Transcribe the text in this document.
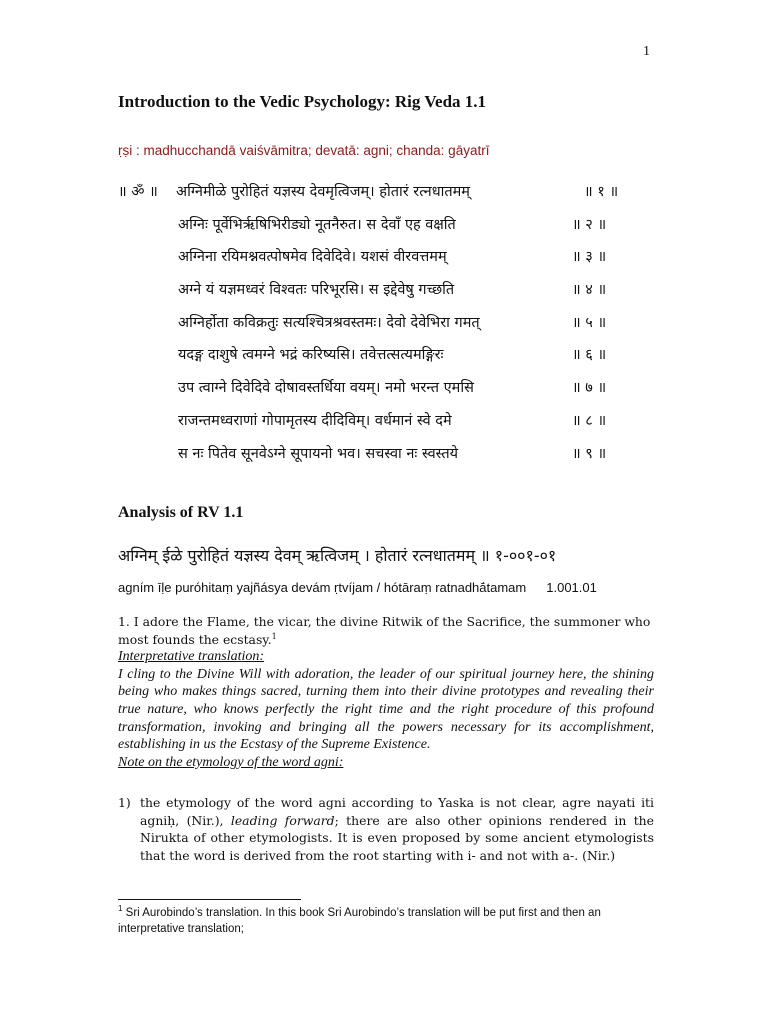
1
Introduction to the Vedic Psychology: Rig Veda 1.1
ṛṣi : madhucchandā vaiśvāmitra; devatā: agni; chanda: gāyatrī
॥ ॐ ॥ अग्निमीळे पुरोहितं यज्ञस्य देवमृत्विजम्। होतारं रत्नधातमम्	॥ १ ॥
अग्निः पूर्वेभिर्ऋषिभिरीड्यो नूतनैरुत। स देवाँ एह वक्षति	॥ २ ॥
अग्निना रयिमश्नवत्पोषमेव दिवेदिवे। यशसं वीरवत्तमम्	॥ ३ ॥
अग्ने यं यज्ञमध्वरं विश्वतः परिभूरसि। स इद्देवेषु गच्छति	॥ ४ ॥
अग्निर्होता कविक्रतुः सत्यश्चित्रश्रवस्तमः। देवो देवेभिरा गमत्	॥ ५ ॥
यदङ्ग दाशुषे त्वमग्ने भद्रं करिष्यसि। तवेत्तत्सत्यमङ्गिरः	॥ ६ ॥
उप त्वाग्ने दिवेदिवे दोषावस्तर्धिया वयम्। नमो भरन्त एमसि	॥ ७ ॥
राजन्तमध्वराणां गोपामृतस्य दीदिविम्। वर्धमानं स्वे दमे	॥ ८ ॥
स नः पितेव सूनवेऽग्ने सूपायनो भव। सचस्वा नः स्वस्तये	॥ ९ ॥
Analysis of RV 1.1
अग्निम् ईळे पुरोहितं यज्ञस्य देवम् ऋत्विजम् । होतारं रत्नधातमम् ॥ १-००१-०१
agním īḷe puróhitaṃ yajñásya devám ṛtvíjam / hótāraṃ ratnadhā́tamam 1.001.01
1. I adore the Flame, the vicar, the divine Ritwik of the Sacrifice, the summoner who most founds the ecstasy.$^1$
Interpretative translation:
I cling to the Divine Will with adoration, the leader of our spiritual journey here, the shining being who makes things sacred, turning them into their divine prototypes and revealing their true nature, who knows perfectly the right time and the right procedure of this profound transformation, invoking and bringing all the powers necessary for its accomplishment, establishing in us the Ecstasy of the Supreme Existence.
Note on the etymology of the word agni:
1) the etymology of the word agni according to Yaska is not clear, agre nayati iti agniḥ, (Nir.), leading forward; there are also other opinions rendered in the Nirukta of other etymologists. It is even proposed by some ancient etymologists that the word is derived from the root starting with i- and not with a-. (Nir.)
$^1$ Sri Aurobindo’s translation. In this book Sri Aurobindo’s translation will be put first and then an interpretative translation;
